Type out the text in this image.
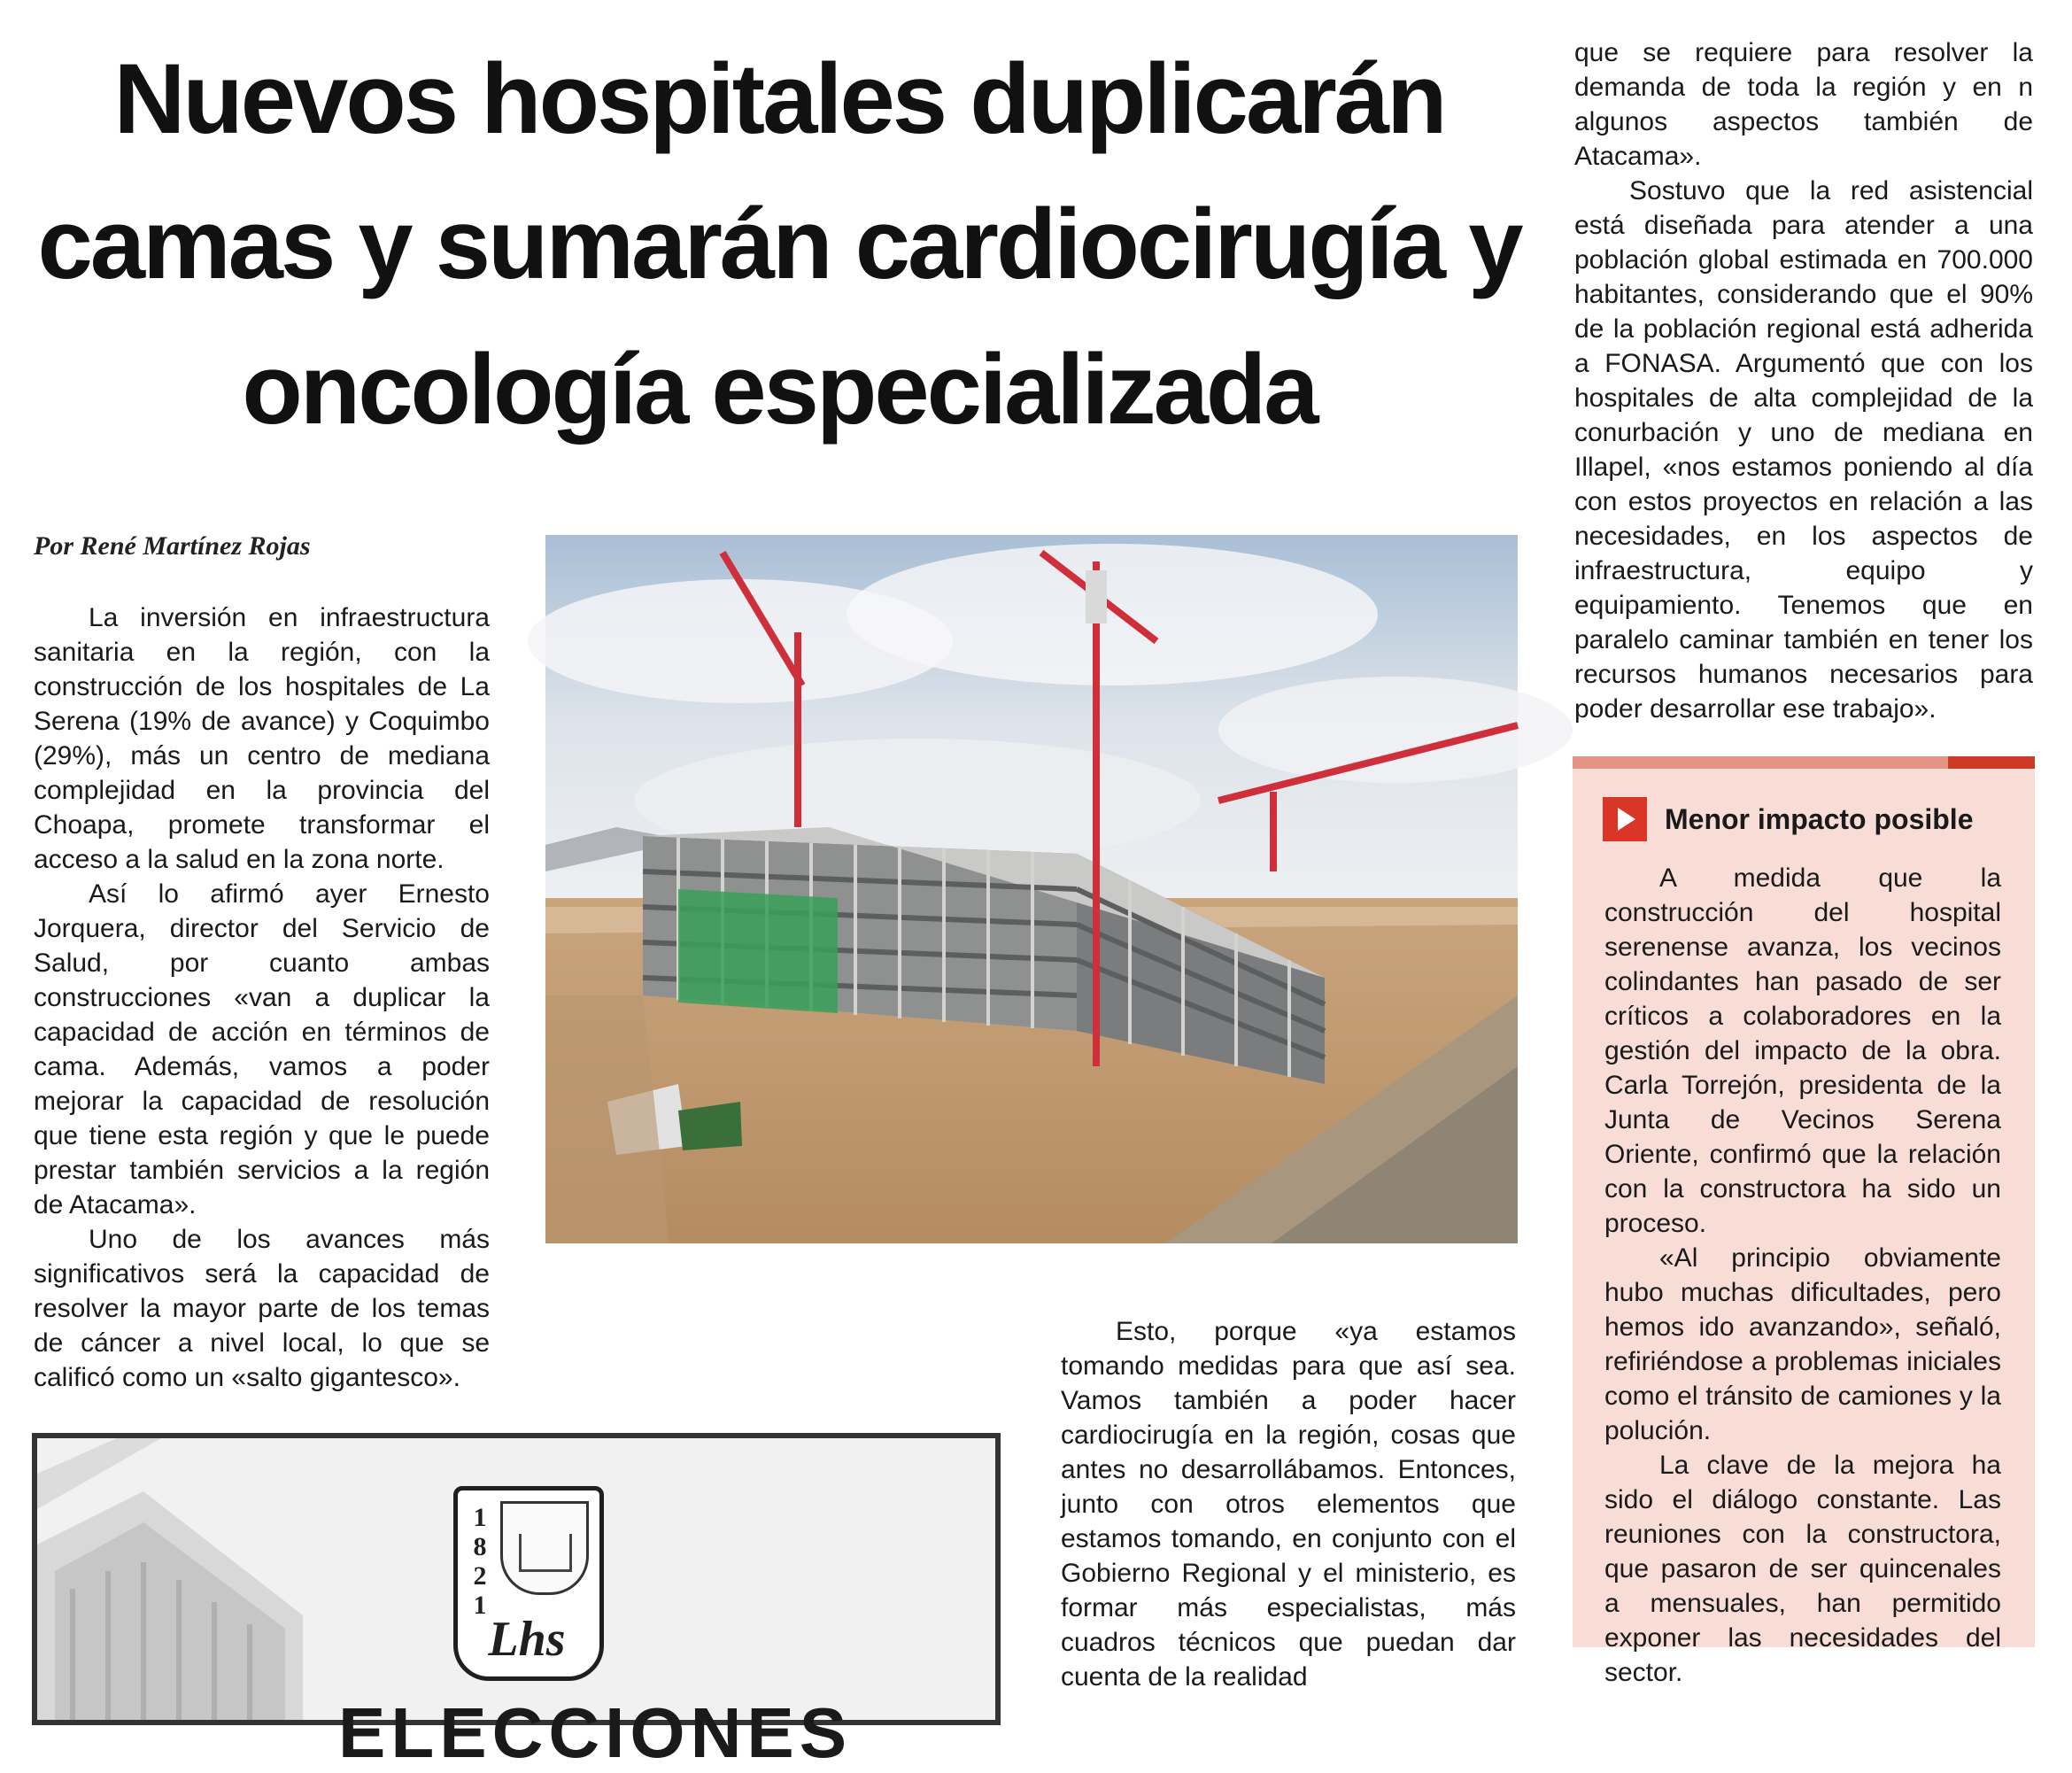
Nuevos hospitales duplicarán camas y sumarán cardiocirugía y oncología especializada

Por René Martínez Rojas

La inversión en infraestructura sanitaria en la región, con la construcción de los hospitales de La Serena (19% de avance) y Coquimbo (29%), más un centro de mediana complejidad en la provincia del Choapa, promete transformar el acceso a la salud en la zona norte.

Así lo afirmó ayer Ernesto Jorquera, director del Servicio de Salud, por cuanto ambas construcciones «van a duplicar la capacidad de acción en términos de cama. Además, vamos a poder mejorar la capacidad de resolución que tiene esta región y que le puede prestar también servicios a la región de Atacama».

Uno de los avances más significativos será la capacidad de resolver la mayor parte de los temas de cáncer a nivel local, lo que se calificó como un «salto gigantesco».

que se requiere para resolver la demanda de toda la región y en n algunos aspectos también de Atacama».

Sostuvo que la red asistencial está diseñada para atender a una población global estimada en 700.000 habitantes, considerando que el 90% de la población regional está adherida a FONASA. Argumentó que con los hospitales de alta complejidad de la conurbación y uno de mediana en Illapel, «nos estamos poniendo al día con estos proyectos en relación a las necesidades, en los aspectos de infraestructura, equipo y equipamiento. Tenemos que en paralelo caminar también en tener los recursos humanos necesarios para poder desarrollar ese trabajo».

Menor impacto posible

A medida que la construcción del hospital serenense avanza, los vecinos colindantes han pasado de ser críticos a colaboradores en la gestión del impacto de la obra. Carla Torrejón, presidenta de la Junta de Vecinos Serena Oriente, confirmó que la relación con la constructora ha sido un proceso.

«Al principio obviamente hubo muchas dificultades, pero hemos ido avanzando», señaló, refiriéndose a problemas iniciales como el tránsito de camiones y la polución.

La clave de la mejora ha sido el diálogo constante. Las reuniones con la constructora, que pasaron de ser quincenales a mensuales, han permitido exponer las necesidades del sector.

Esto, porque «ya estamos tomando medidas para que así sea. Vamos también a poder hacer cardiocirugía en la región, cosas que antes no desarrollábamos. Entonces, junto con otros elementos que estamos tomando, en conjunto con el Gobierno Regional y el ministerio, es formar más especialistas, más cuadros técnicos que puedan dar cuenta de la realidad

1
8
2
1
Lhs
ELECCIONES
